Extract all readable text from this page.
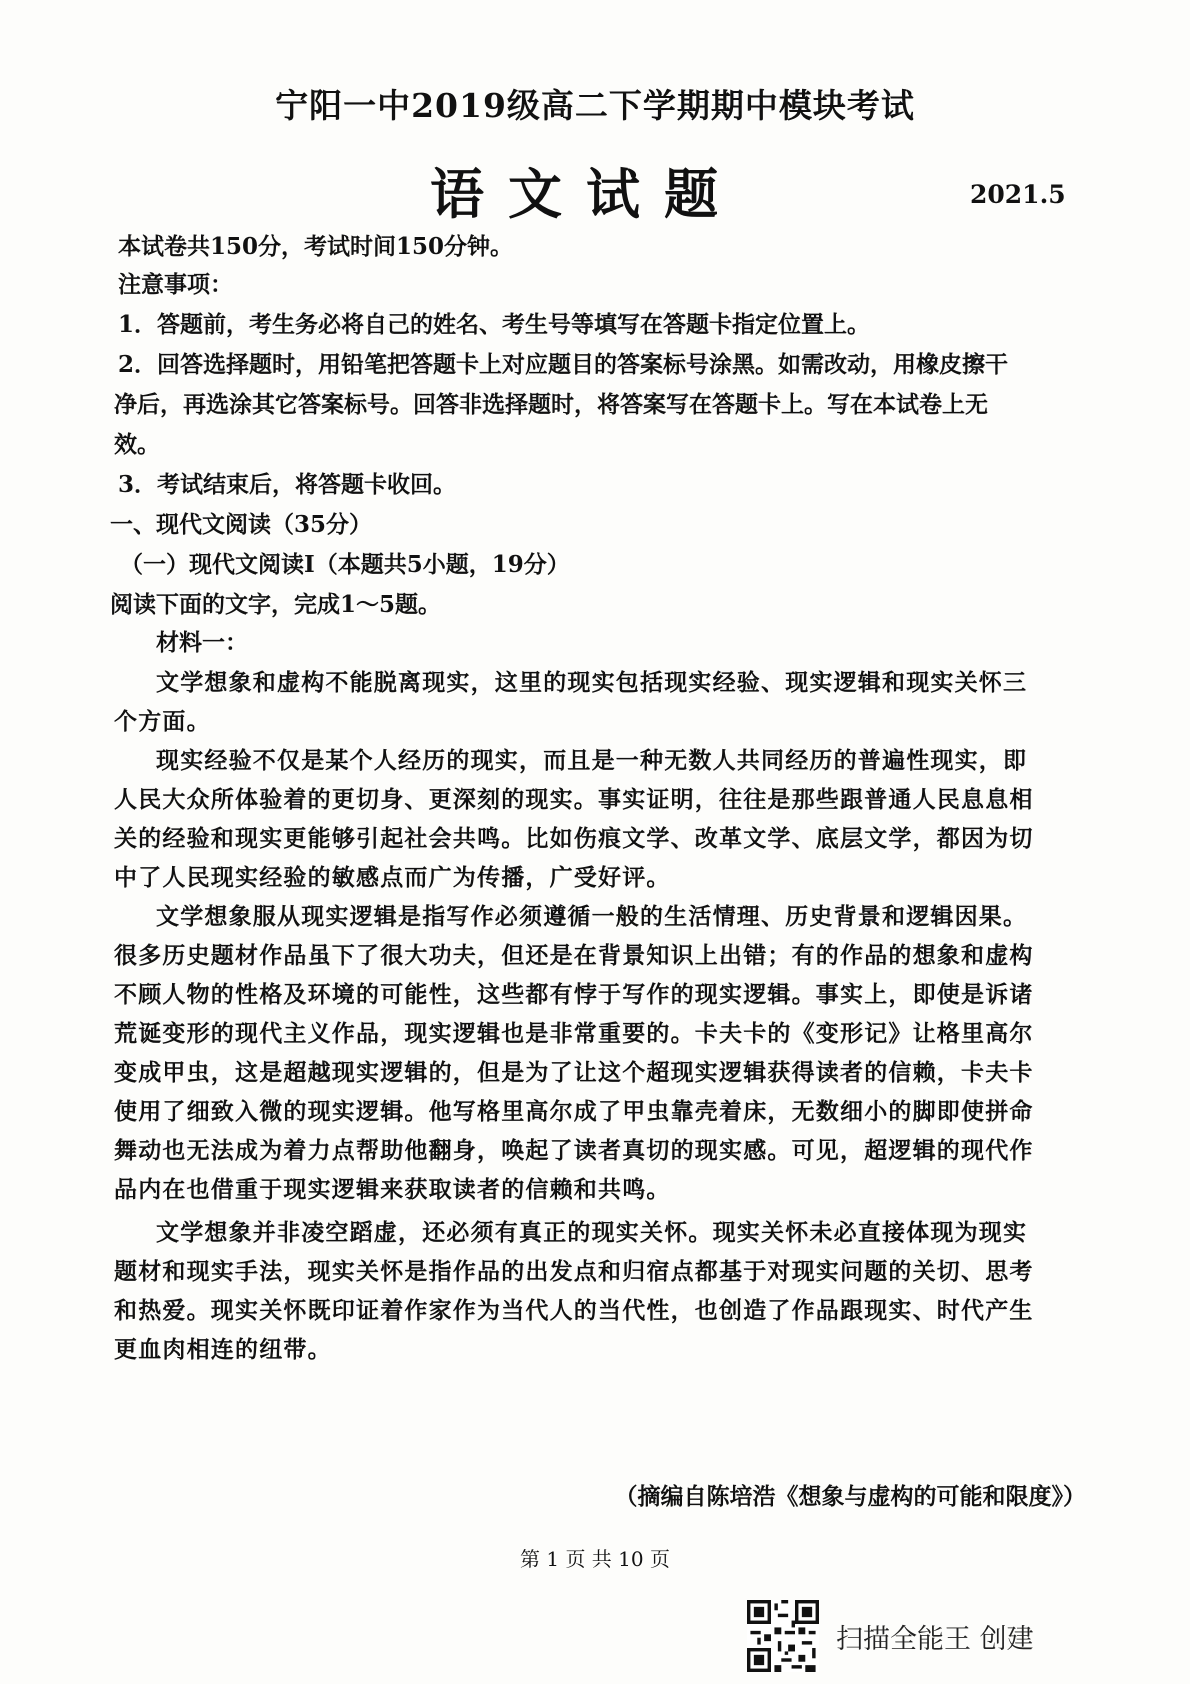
宁阳一中2019级高二下学期期中模块考试
语文试题	2021.5
本试卷共150分，考试时间150分钟。
注意事项：
1．答题前，考生务必将自己的姓名、考生号等填写在答题卡指定位置上。
2．回答选择题时，用铅笔把答题卡上对应题目的答案标号涂黑。如需改动，用橡皮擦干
净后，再选涂其它答案标号。回答非选择题时，将答案写在答题卡上。写在本试卷上无
效。
3．考试结束后，将答题卡收回。
一、现代文阅读（35分）
（一）现代文阅读Ⅰ（本题共5小题，19分）
阅读下面的文字，完成1～5题。
材料一：
文学想象和虚构不能脱离现实，这里的现实包括现实经验、现实逻辑和现实关怀三
个方面。
现实经验不仅是某个人经历的现实，而且是一种无数人共同经历的普遍性现实，即
人民大众所体验着的更切身、更深刻的现实。事实证明，往往是那些跟普通人民息息相
关的经验和现实更能够引起社会共鸣。比如伤痕文学、改革文学、底层文学，都因为切
中了人民现实经验的敏感点而广为传播，广受好评。
文学想象服从现实逻辑是指写作必须遵循一般的生活情理、历史背景和逻辑因果。
很多历史题材作品虽下了很大功夫，但还是在背景知识上出错；有的作品的想象和虚构
不顾人物的性格及环境的可能性，这些都有悖于写作的现实逻辑。事实上，即使是诉诸
荒诞变形的现代主义作品，现实逻辑也是非常重要的。卡夫卡的《变形记》让格里高尔
变成甲虫，这是超越现实逻辑的，但是为了让这个超现实逻辑获得读者的信赖，卡夫卡
使用了细致入微的现实逻辑。他写格里高尔成了甲虫靠壳着床，无数细小的脚即使拼命
舞动也无法成为着力点帮助他翻身，唤起了读者真切的现实感。可见，超逻辑的现代作
品内在也借重于现实逻辑来获取读者的信赖和共鸣。
文学想象并非凌空蹈虚，还必须有真正的现实关怀。现实关怀未必直接体现为现实
题材和现实手法，现实关怀是指作品的出发点和归宿点都基于对现实问题的关切、思考
和热爱。现实关怀既印证着作家作为当代人的当代性，也创造了作品跟现实、时代产生
更血肉相连的纽带。
（摘编自陈培浩《想象与虚构的可能和限度》）
第 1 页 共 10 页
扫描全能王 创建
